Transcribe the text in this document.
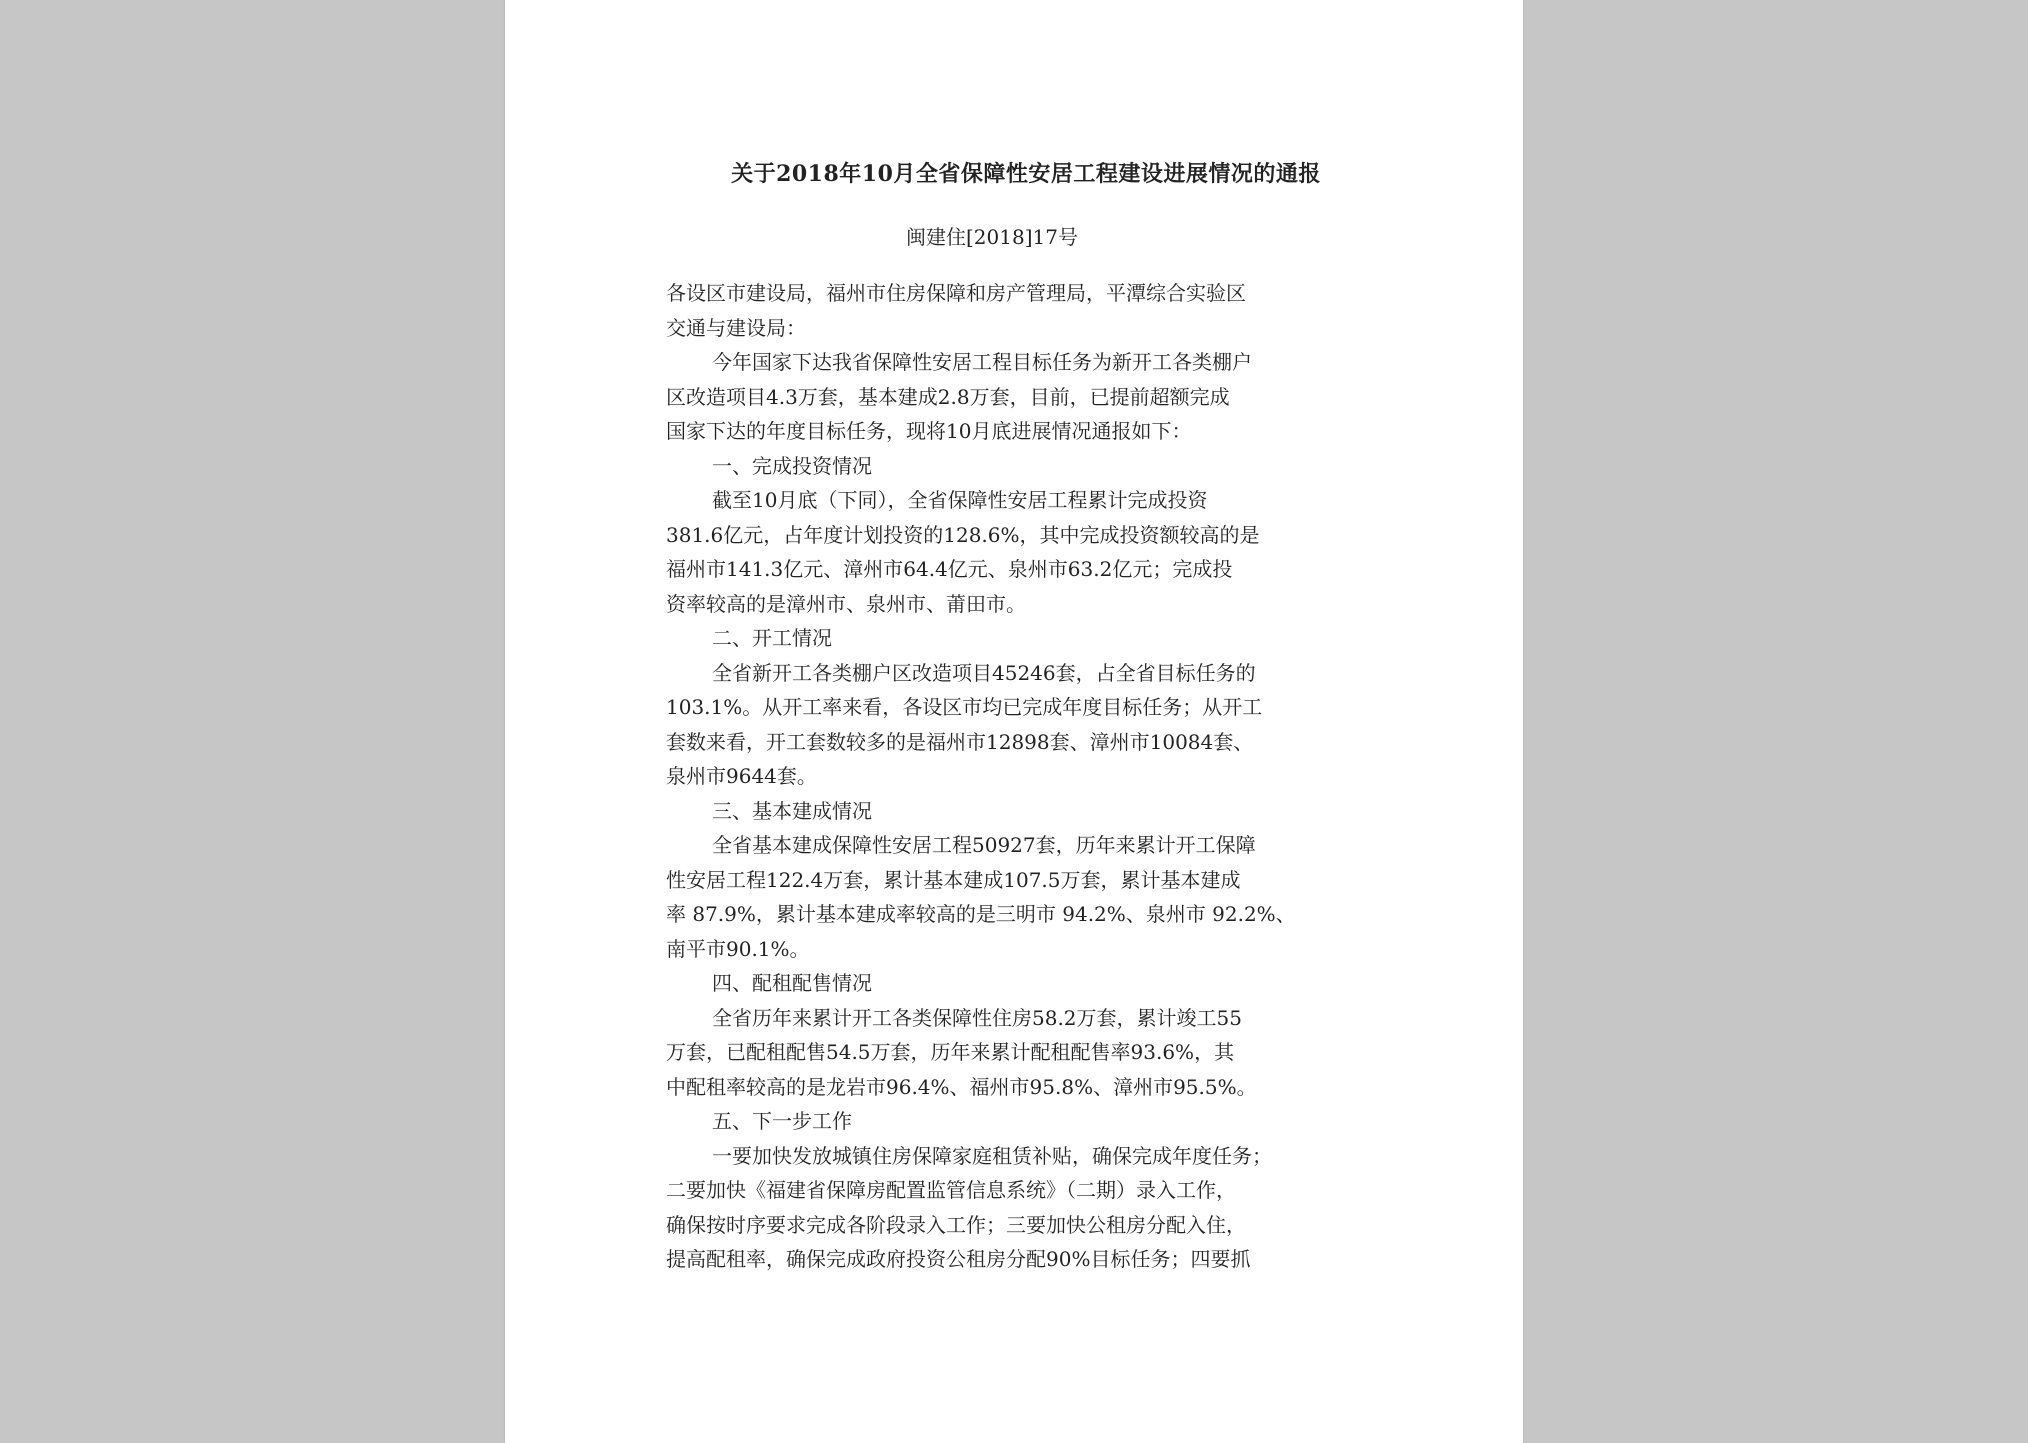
关于2018年10月全省保障性安居工程建设进展情况的通报
闽建住[2018]17号
各设区市建设局，福州市住房保障和房产管理局，平潭综合实验区
交通与建设局：
今年国家下达我省保障性安居工程目标任务为新开工各类棚户
区改造项目4.3万套，基本建成2.8万套，目前，已提前超额完成
国家下达的年度目标任务，现将10月底进展情况通报如下：
一、完成投资情况
截至10月底（下同），全省保障性安居工程累计完成投资
381.6亿元，占年度计划投资的128.6%，其中完成投资额较高的是
福州市141.3亿元、漳州市64.4亿元、泉州市63.2亿元；完成投
资率较高的是漳州市、泉州市、莆田市。
二、开工情况
全省新开工各类棚户区改造项目45246套，占全省目标任务的
103.1%。从开工率来看，各设区市均已完成年度目标任务；从开工
套数来看，开工套数较多的是福州市12898套、漳州市10084套、
泉州市9644套。
三、基本建成情况
全省基本建成保障性安居工程50927套，历年来累计开工保障
性安居工程122.4万套，累计基本建成107.5万套，累计基本建成
率 87.9%，累计基本建成率较高的是三明市 94.2%、泉州市 92.2%、
南平市90.1%。
四、配租配售情况
全省历年来累计开工各类保障性住房58.2万套，累计竣工55
万套，已配租配售54.5万套，历年来累计配租配售率93.6%，其
中配租率较高的是龙岩市96.4%、福州市95.8%、漳州市95.5%。
五、下一步工作
一要加快发放城镇住房保障家庭租赁补贴，确保完成年度任务；
二要加快《福建省保障房配置监管信息系统》（二期）录入工作，
确保按时序要求完成各阶段录入工作；三要加快公租房分配入住，
提高配租率，确保完成政府投资公租房分配90%目标任务；四要抓
